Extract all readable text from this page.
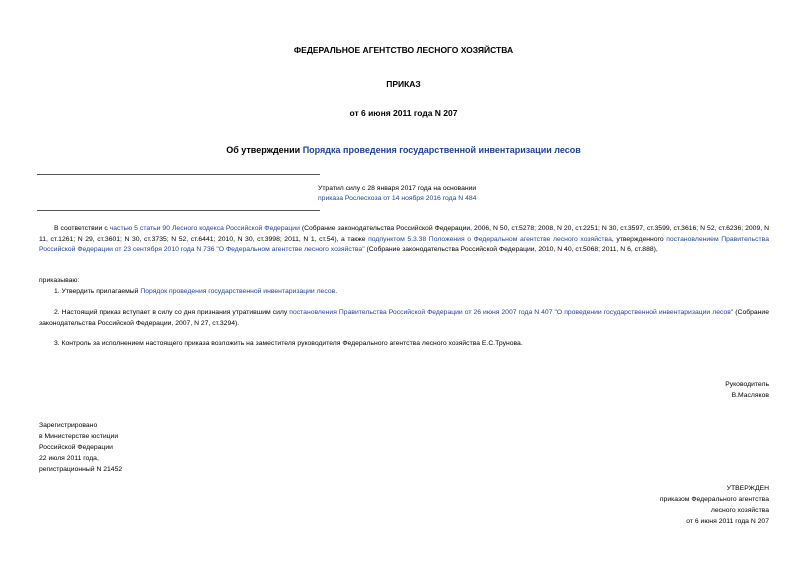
ФЕДЕРАЛЬНОЕ АГЕНТСТВО ЛЕСНОГО ХОЗЯЙСТВА
ПРИКАЗ
от 6 июня 2011 года N 207
Об утверждении Порядка проведения государственной инвентаризации лесов
Утратил силу с 28 января 2017 года на основании
приказа Рослесхоза от 14 ноября 2016 года N 484
В соответствии с частью 5 статьи 90 Лесного кодекса Российской Федерации (Собрание законодательства Российской Федерации, 2006, N 50, ст.5278; 2008, N 20, ст.2251; N 30, ст.3597, ст.3599, ст.3616; N 52, ст.6236; 2009, N 11, ст.1261; N 29, ст.3601; N 30, ст.3735; N 52, ст.6441; 2010, N 30, ст.3998; 2011, N 1, ст.54), а также подпунктом 5.3.38 Положения о Федеральном агентстве лесного хозяйства, утвержденного постановлением Правительства Российской Федерации от 23 сентября 2010 года N 736 "О Федеральном агентстве лесного хозяйства" (Собрание законодательства Российской Федерации, 2010, N 40, ст.5068; 2011, N 6, ст.888),
приказываю:
1. Утвердить прилагаемый Порядок проведения государственной инвентаризации лесов.
2. Настоящий приказ вступает в силу со дня признания утратившим силу постановления Правительства Российской Федерации от 26 июня 2007 года N 407 "О проведении государственной инвентаризации лесов" (Собрание законодательства Российской Федерации, 2007, N 27, ст.3294).
3. Контроль за исполнением настоящего приказа возложить на заместителя руководителя Федерального агентства лесного хозяйства Е.С.Трунова.
Руководитель
В.Масляков
Зарегистрировано
в Министерстве юстиции
Российской Федерации
22 июля 2011 года,
регистрационный N 21452
УТВЕРЖДЕН
приказом Федерального агентства
лесного хозяйства
от 6 июня 2011 года N 207
